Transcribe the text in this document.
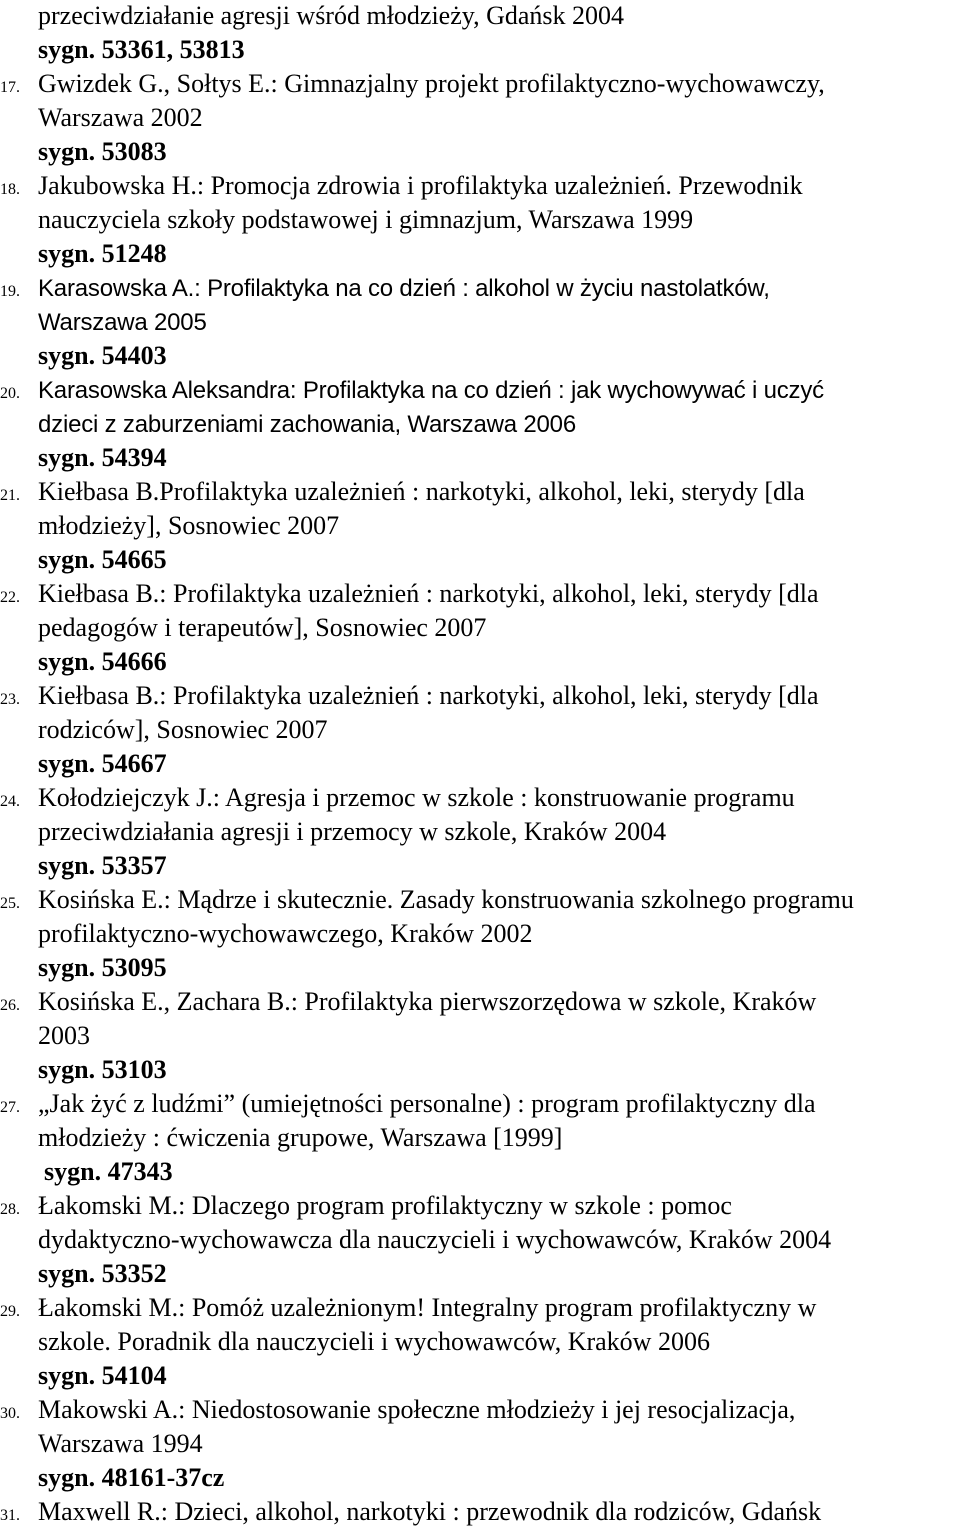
przeciwdziałanie agresji wśród młodzieży, Gdańsk 2004
sygn. 53361, 53813
17. Gwizdek G., Sołtys E.: Gimnazjalny projekt profilaktyczno-wychowawczy,
Warszawa 2002
sygn. 53083
18. Jakubowska H.: Promocja zdrowia i profilaktyka uzależnień. Przewodnik
nauczyciela szkoły podstawowej i gimnazjum, Warszawa 1999
sygn. 51248
19. Karasowska A.: Profilaktyka na co dzień : alkohol w życiu nastolatków,
Warszawa 2005
sygn. 54403
20. Karasowska Aleksandra: Profilaktyka na co dzień : jak wychowywać i uczyć
dzieci z zaburzeniami zachowania, Warszawa 2006
sygn. 54394
21. Kiełbasa B.Profilaktyka uzależnień : narkotyki, alkohol, leki, sterydy [dla
młodzieży], Sosnowiec 2007
sygn. 54665
22. Kiełbasa B.: Profilaktyka uzależnień : narkotyki, alkohol, leki, sterydy [dla
pedagogów i terapeutów], Sosnowiec 2007
sygn. 54666
23. Kiełbasa B.: Profilaktyka uzależnień : narkotyki, alkohol, leki, sterydy [dla
rodziców], Sosnowiec 2007
sygn. 54667
24. Kołodziejczyk J.: Agresja i przemoc w szkole : konstruowanie programu
przeciwdziałania agresji i przemocy w szkole, Kraków 2004
sygn. 53357
25. Kosińska E.: Mądrze i skutecznie. Zasady konstruowania szkolnego programu
profilaktyczno-wychowawczego, Kraków 2002
sygn. 53095
26. Kosińska E., Zachara B.: Profilaktyka pierwszorzędowa w szkole, Kraków
2003
sygn. 53103
27. „Jak żyć z ludźmi” (umiejętności personalne) : program profilaktyczny dla
młodzieży : ćwiczenia grupowe, Warszawa [1999]
sygn. 47343
28. Łakomski M.: Dlaczego program profilaktyczny w szkole : pomoc
dydaktyczno-wychowawcza dla nauczycieli i wychowawców, Kraków 2004
sygn. 53352
29. Łakomski M.: Pomóż uzależnionym! Integralny program profilaktyczny w
szkole. Poradnik dla nauczycieli i wychowawców, Kraków 2006
sygn. 54104
30. Makowski A.: Niedostosowanie społeczne młodzieży i jej resocjalizacja,
Warszawa 1994
sygn. 48161-37cz
31. Maxwell R.: Dzieci, alkohol, narkotyki : przewodnik dla rodziców, Gdańsk
